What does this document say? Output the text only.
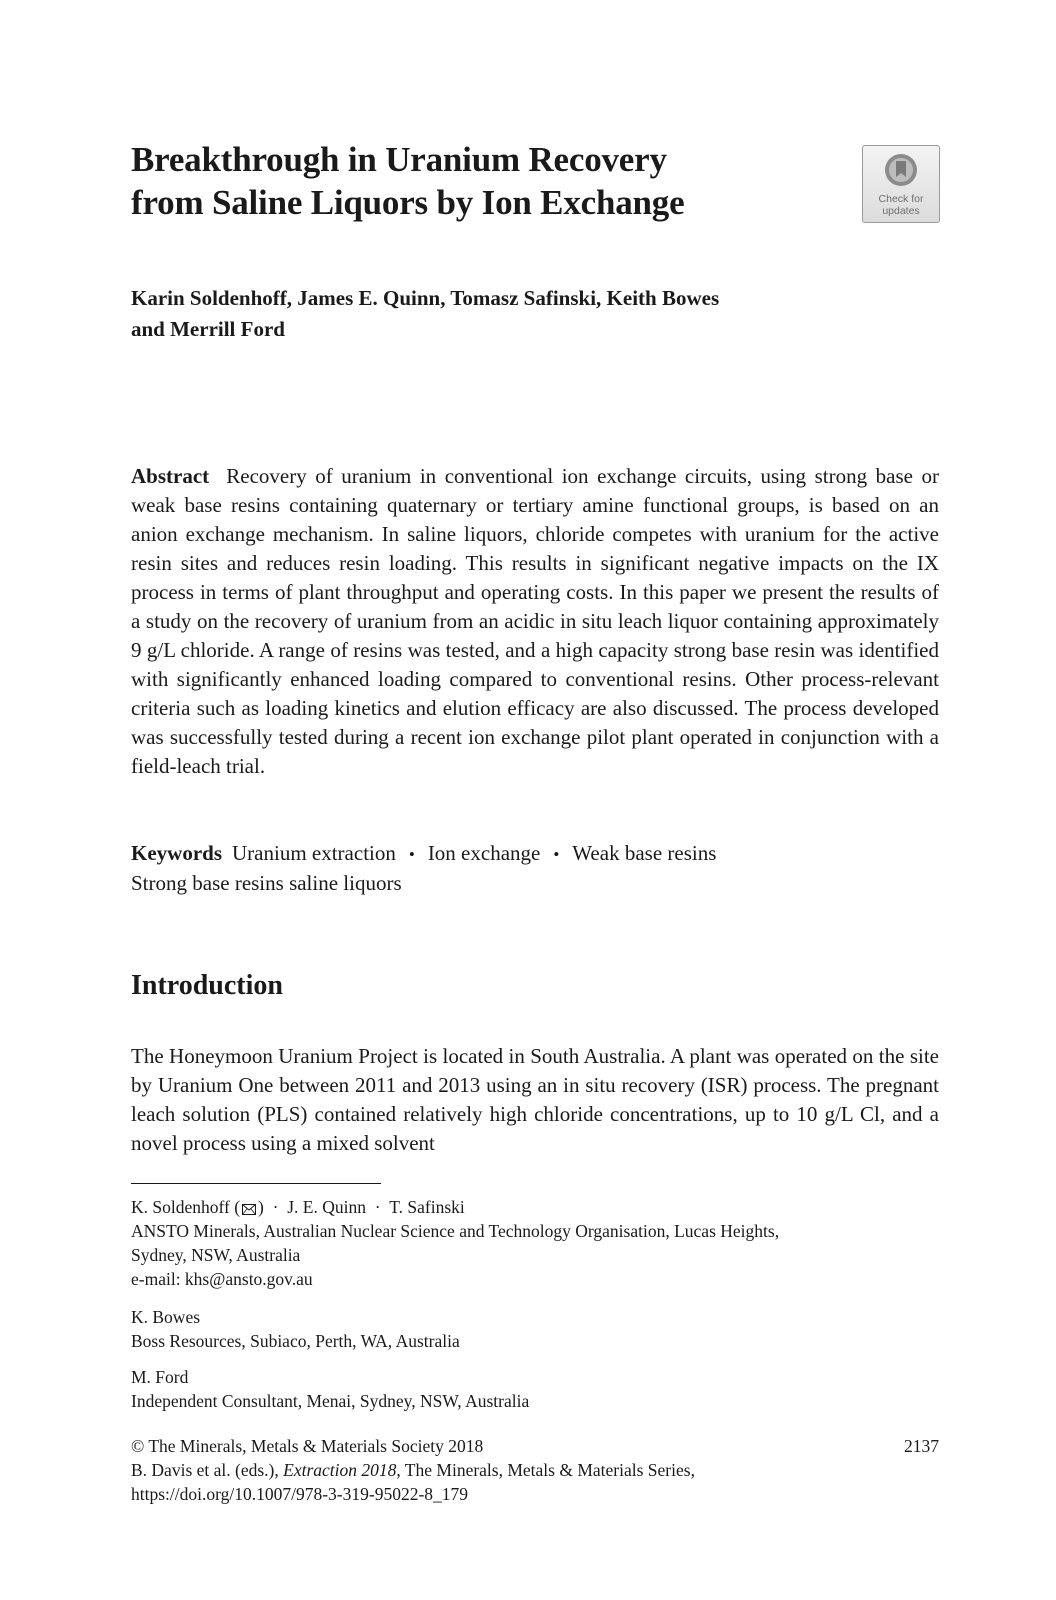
Breakthrough in Uranium Recovery
from Saline Liquors by Ion Exchange	Check for
updates
Karin Soldenhoff, James E. Quinn, Tomasz Safinski, Keith Bowes
and Merrill Ford
Abstract Recovery of uranium in conventional ion exchange circuits, using strong base or weak base resins containing quaternary or tertiary amine functional groups, is based on an anion exchange mechanism. In saline liquors, chloride competes with uranium for the active resin sites and reduces resin loading. This results in significant negative impacts on the IX process in terms of plant throughput and operating costs. In this paper we present the results of a study on the recovery of uranium from an acidic in situ leach liquor containing approximately 9 g/L chloride. A range of resins was tested, and a high capacity strong base resin was identified with significantly enhanced loading compared to conventional resins. Other process-relevant criteria such as loading kinetics and elution efficacy are also discussed. The process developed was successfully tested during a recent ion exchange pilot plant operated in conjunction with a field-leach trial.
Keywords Uranium extraction • Ion exchange • Weak base resins
Strong base resins saline liquors
Introduction
The Honeymoon Uranium Project is located in South Australia. A plant was operated on the site by Uranium One between 2011 and 2013 using an in situ recovery (ISR) process. The pregnant leach solution (PLS) contained relatively high chloride concentrations, up to 10 g/L Cl, and a novel process using a mixed solvent
K. Soldenhoff ( )  ·  J. E. Quinn  ·  T. Safinski
ANSTO Minerals, Australian Nuclear Science and Technology Organisation, Lucas Heights,
Sydney, NSW, Australia
e-mail: khs@ansto.gov.au
K. Bowes
Boss Resources, Subiaco, Perth, WA, Australia
M. Ford
Independent Consultant, Menai, Sydney, NSW, Australia
© The Minerals, Metals & Materials Society 2018
B. Davis et al. (eds.), Extraction 2018, The Minerals, Metals & Materials Series,
https://doi.org/10.1007/978-3-319-95022-8_179
2137
